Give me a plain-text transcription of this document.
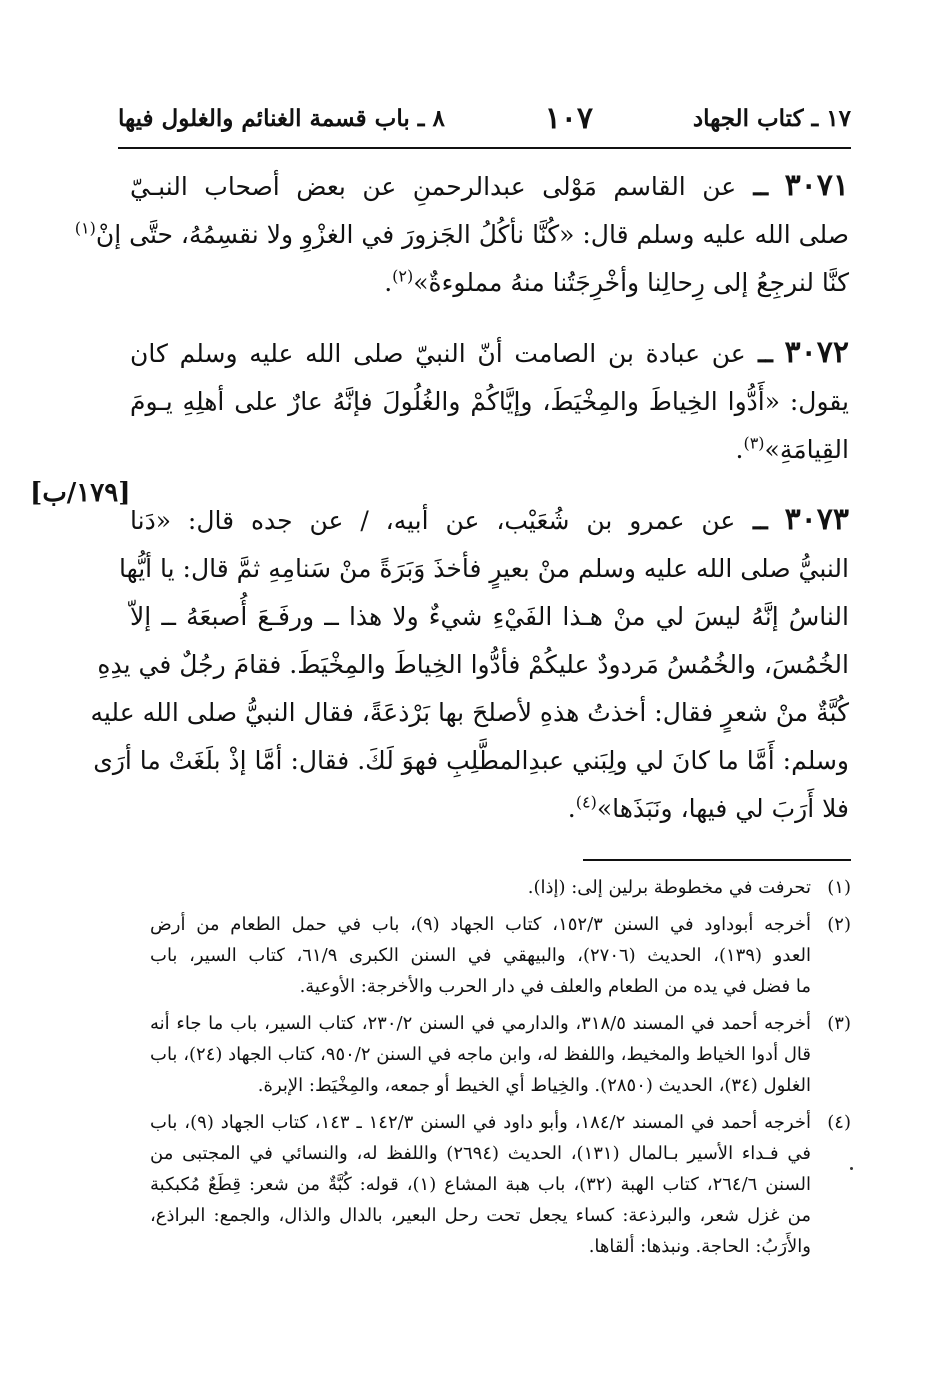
١٧ ـ كتاب الجهاد
١٠٧
٨ ـ باب قسمة الغنائم والغلول فيها
[١٧٩/ب]
٣٠٧١ ــ عن القاسم مَوْلى عبدالرحمنِ عن بعض أصحاب النبـيّ
صلى الله عليه وسلم قال: «كُنَّا نأكُلُ الجَزورَ في الغزْوِ ولا نقسِمُهُ، حتَّى إنْ$^{(١)}$
كنَّا لنرجِعُ إلى رِحالِنا وأخْرِجَتُنا منهُ مملوءةٌ»$^{(٢)}$.
٣٠٧٢ ــ عن عبادة بن الصامت أنّ النبيّ صلى الله عليه وسلم كان
يقول: «أَدُّوا الخِياطَ والمِخْيَطَ، وإيَّاكُمْ والغُلُولَ فإنَّهُ عارٌ على أهلِهِ يـومَ
القِيامَةِ»$^{(٣)}$.
٣٠٧٣ ــ عن عمرو بن شُعَيْب، عن أبيه، / عن جده قال: «دَنا
النبيُّ صلى الله عليه وسلم منْ بعيرٍ فأخذَ وَبَرَةً منْ سَنامِهِ ثمَّ قال: يا أيُّها
الناسُ إنَّهُ ليسَ لي منْ هـذا الفَيْءِ شيءٌ ولا هذا ــ ورفَـعَ أُصبعَهُ ــ إلاّ
الخُمُسَ، والخُمُسُ مَردودٌ عليكُمْ فأدُّوا الخِياطَ والمِخْيَطَ. فقامَ رجُلٌ في يدِهِ
كُبَّةٌ منْ شعرٍ فقال: أخذتُ هذهِ لأصلحَ بها بَرْذعَةً، فقال النبيُّ صلى الله عليه
وسلم: أَمَّا ما كانَ لي ولِبَني عبدِالمطَّلِبِ فهوَ لَكَ. فقال: أمَّا إذْ بلَغَتْ ما أرَى
فلا أَرَبَ لي فيها، ونَبَذَها»$^{(٤)}$.
(١)
تحرفت في مخطوطة برلين إلى: (إذا).
(٢)
أخرجه أبوداود في السنن ١٥٢/٣، كتاب الجهاد (٩)، باب في حمل الطعام من أرض
العدو (١٣٩)، الحديث (٢٧٠٦)، والبيهقي في السنن الكبرى ٦١/٩، كتاب السير، باب
ما فضل في يده من الطعام والعلف في دار الحرب والأخرجة: الأوعية.
(٣)
أخرجه أحمد في المسند ٣١٨/٥، والدارمي في السنن ٢٣٠/٢، كتاب السير، باب ما جاء أنه
قال أدوا الخياط والمخيط، واللفظ له، وابن ماجه في السنن ٩٥٠/٢، كتاب الجهاد (٢٤)، باب
الغلول (٣٤)، الحديث (٢٨٥٠). والخِياط أي الخيط أو جمعه، والمِخْيَط: الإبرة.
(٤)
أخرجه أحمد في المسند ١٨٤/٢، وأبو داود في السنن ١٤٢/٣ ـ ١٤٣، كتاب الجهاد (٩)، باب
في فـداء الأسير بـالمال (١٣١)، الحديث (٢٦٩٤) واللفظ له، والنسائي في المجتبى من
السنن ٢٦٤/٦، كتاب الهبة (٣٢)، باب هبة المشاع (١)، قوله: كُبَّةٌ من شعر: قِطَعٌ مُكبكبة
من غزل شعر، والبرذعة: كساء يجعل تحت رحل البعير، بالدال والذال، والجمع: البراذع،
والأَرَبُ: الحاجة. ونبذها: ألقاها.
